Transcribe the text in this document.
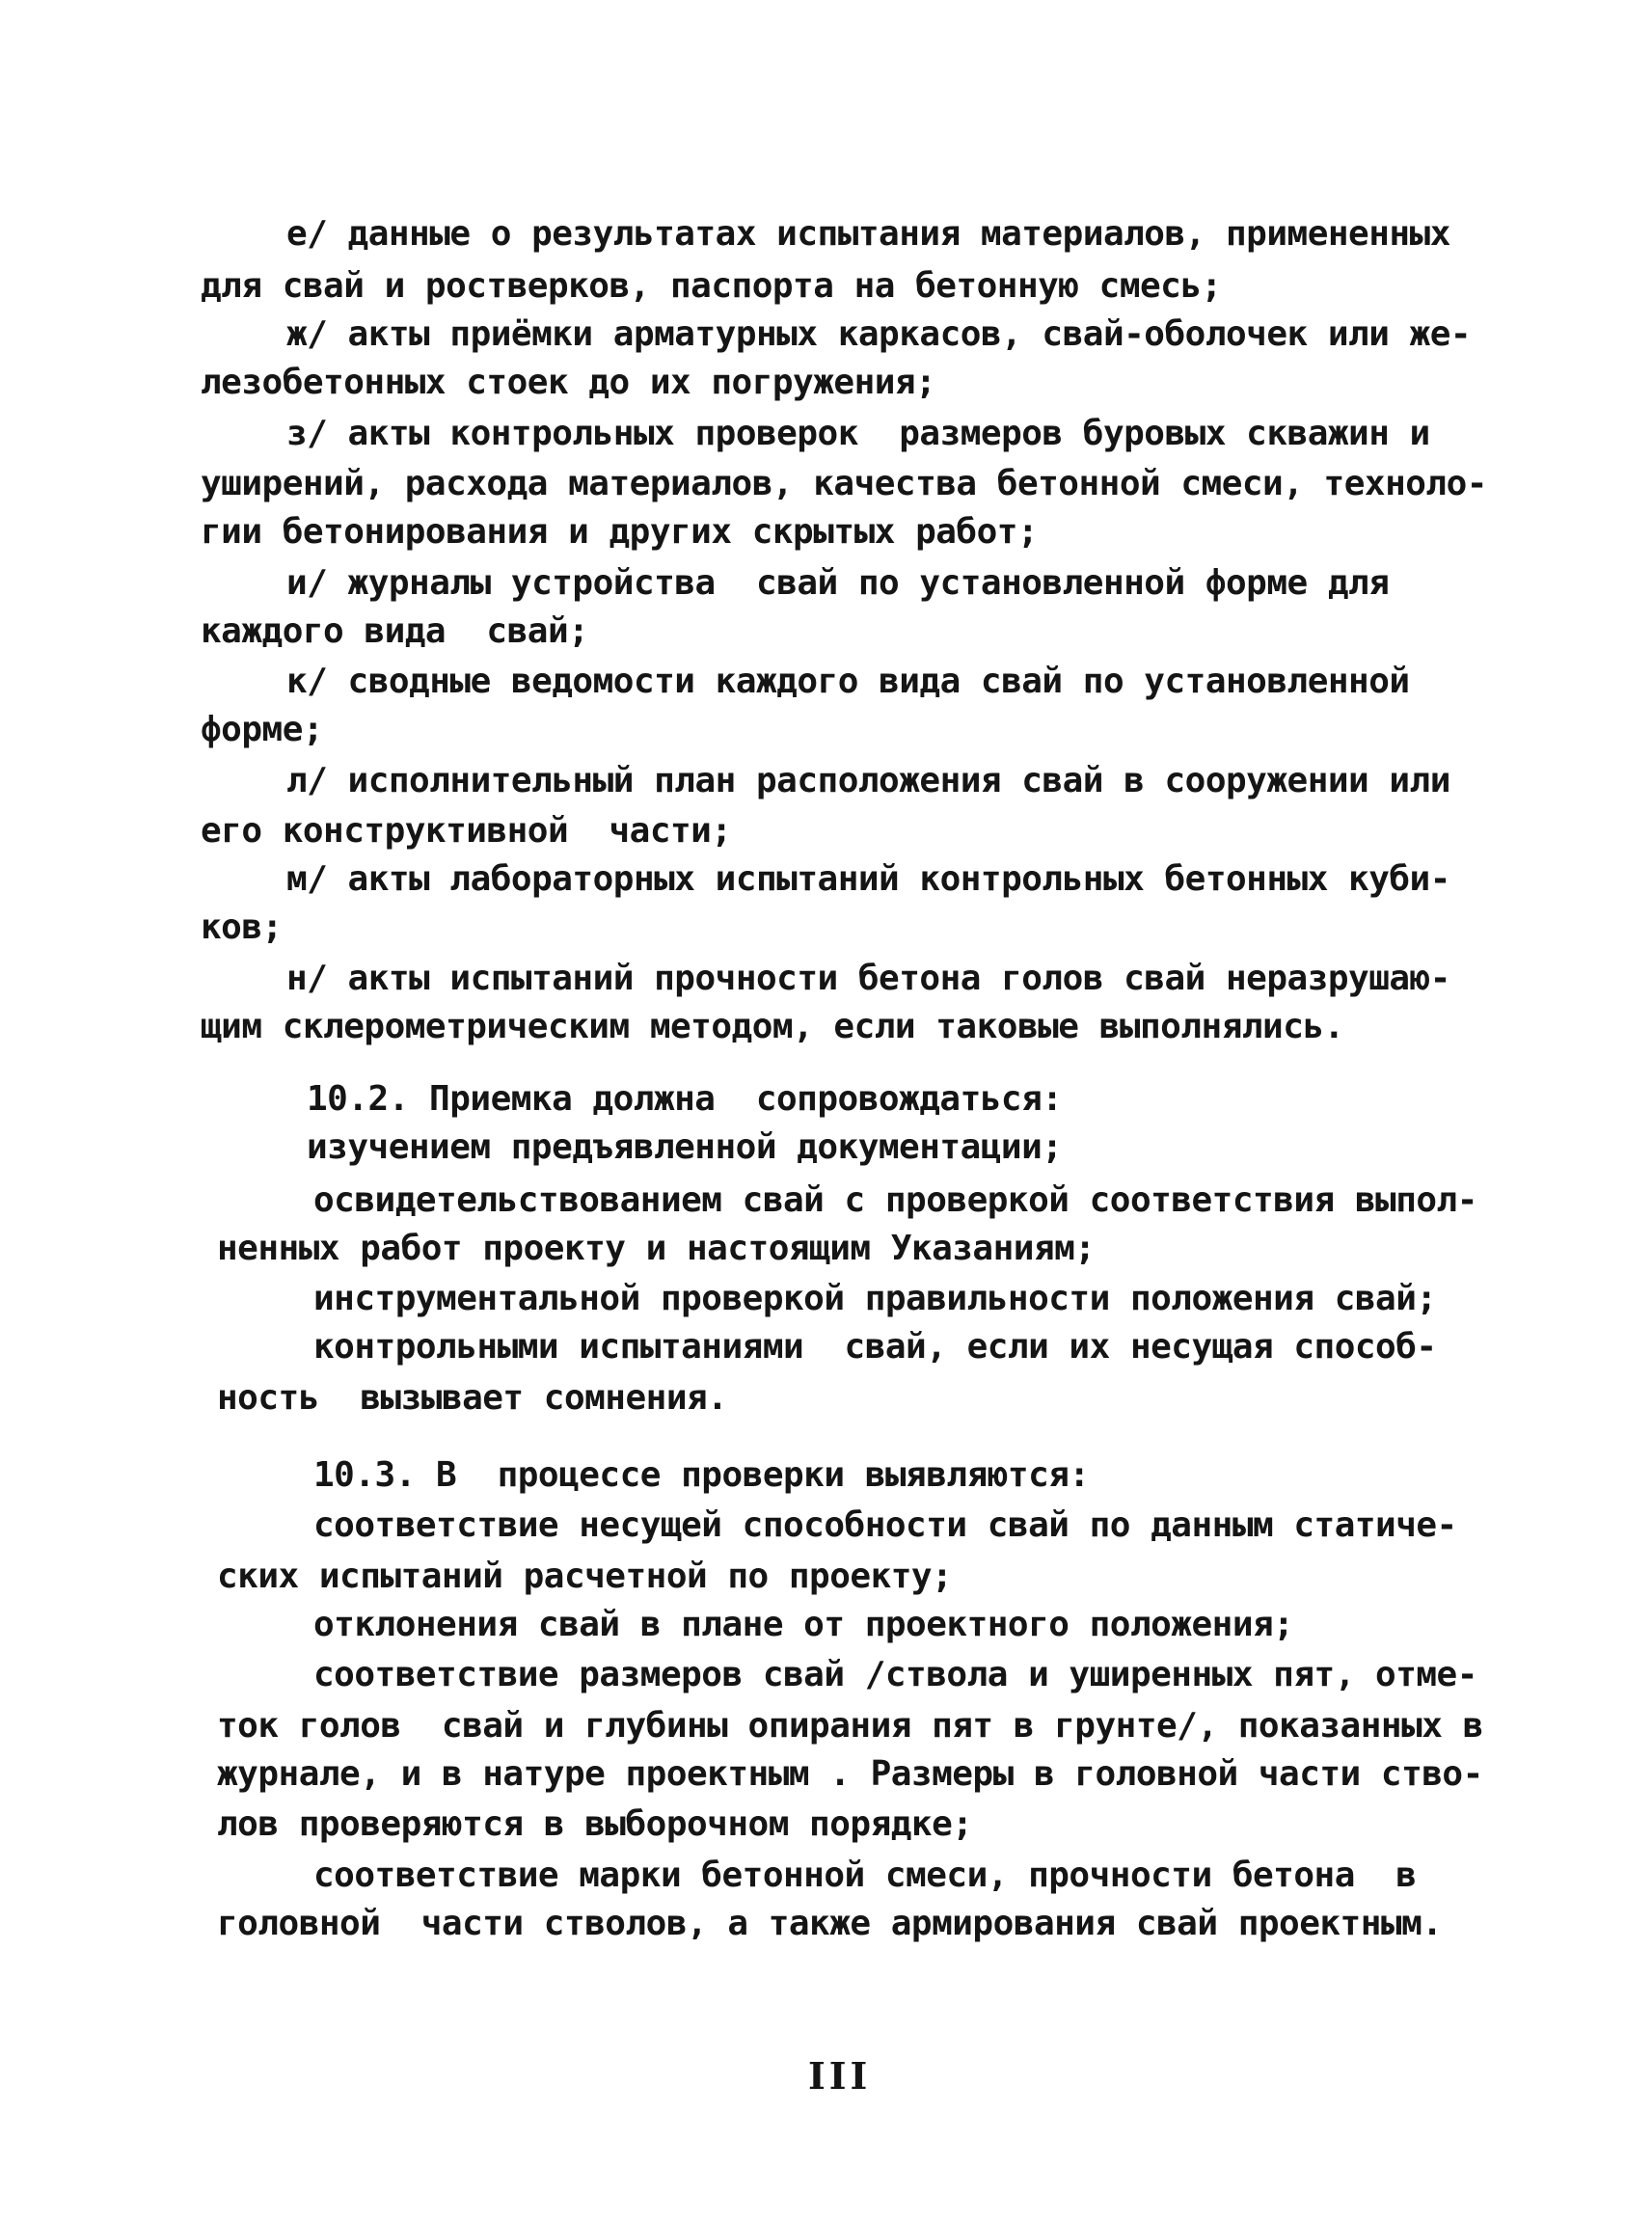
е/ данные о результатах испытания материалов, примененных
для свай и ростверков, паспорта на бетонную смесь;
ж/ акты приёмки арматурных каркасов, свай-оболочек или же-
лезобетонных стоек до их погружения;
з/ акты контрольных проверок  размеров буровых скважин и
уширений, расхода материалов, качества бетонной смеси, техноло-
гии бетонирования и других скрытых работ;
и/ журналы устройства  свай по установленной форме для
каждого вида  свай;
к/ сводные ведомости каждого вида свай по установленной
форме;
л/ исполнительный план расположения свай в сооружении или
его конструктивной  части;
м/ акты лабораторных испытаний контрольных бетонных куби-
ков;
н/ акты испытаний прочности бетона голов свай неразрушаю-
щим склерометрическим методом, если таковые выполнялись.
10.2. Приемка должна  сопровождаться:
изучением предъявленной документации;
освидетельствованием свай с проверкой соответствия выпол-
ненных работ проекту и настоящим Указаниям;
инструментальной проверкой правильности положения свай;
контрольными испытаниями  свай, если их несущая способ-
ность  вызывает сомнения.
10.3. В  процессе проверки выявляются:
соответствие несущей способности свай по данным статиче-
ских испытаний расчетной по проекту;
отклонения свай в плане от проектного положения;
соответствие размеров свай /ствола и уширенных пят, отме-
ток голов  свай и глубины опирания пят в грунте/, показанных в
журнале, и в натуре проектным . Размеры в головной части ство-
лов проверяются в выборочном порядке;
соответствие марки бетонной смеси, прочности бетона  в
головной  части стволов, а также армирования свай проектным.
III
